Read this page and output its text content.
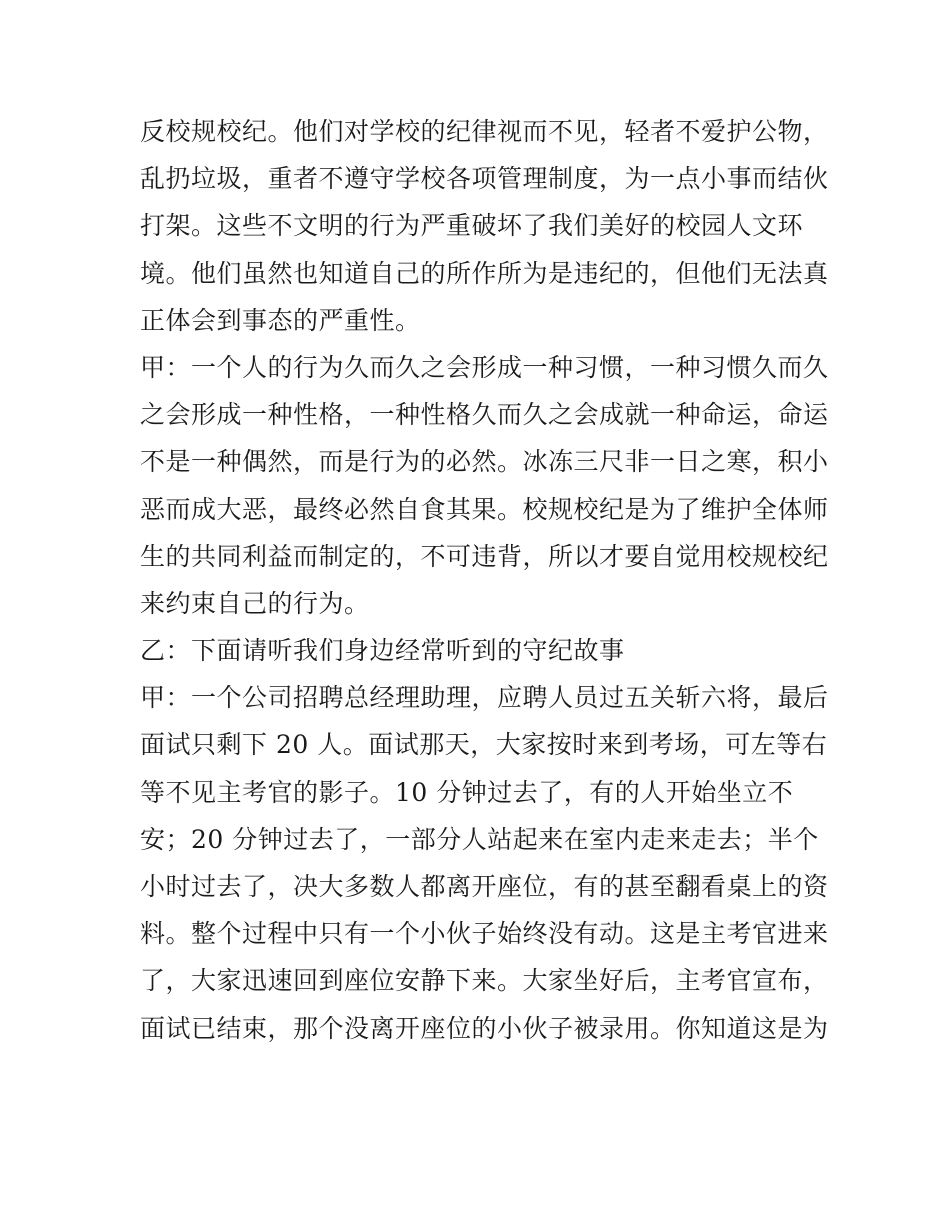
反校规校纪。他们对学校的纪律视而不见，轻者不爱护公物，
乱扔垃圾，重者不遵守学校各项管理制度，为一点小事而结伙
打架。这些不文明的行为严重破坏了我们美好的校园人文环
境。他们虽然也知道自己的所作所为是违纪的，但他们无法真
正体会到事态的严重性。
甲：一个人的行为久而久之会形成一种习惯，一种习惯久而久
之会形成一种性格，一种性格久而久之会成就一种命运，命运
不是一种偶然，而是行为的必然。冰冻三尺非一日之寒，积小
恶而成大恶，最终必然自食其果。校规校纪是为了维护全体师
生的共同利益而制定的，不可违背，所以才要自觉用校规校纪
来约束自己的行为。
乙：下面请听我们身边经常听到的守纪故事
甲：一个公司招聘总经理助理，应聘人员过五关斩六将，最后
面试只剩下 20 人。面试那天，大家按时来到考场，可左等右
等不见主考官的影子。10 分钟过去了，有的人开始坐立不
安；20 分钟过去了，一部分人站起来在室内走来走去；半个
小时过去了，决大多数人都离开座位，有的甚至翻看桌上的资
料。整个过程中只有一个小伙子始终没有动。这是主考官进来
了，大家迅速回到座位安静下来。大家坐好后，主考官宣布，
面试已结束，那个没离开座位的小伙子被录用。你知道这是为
